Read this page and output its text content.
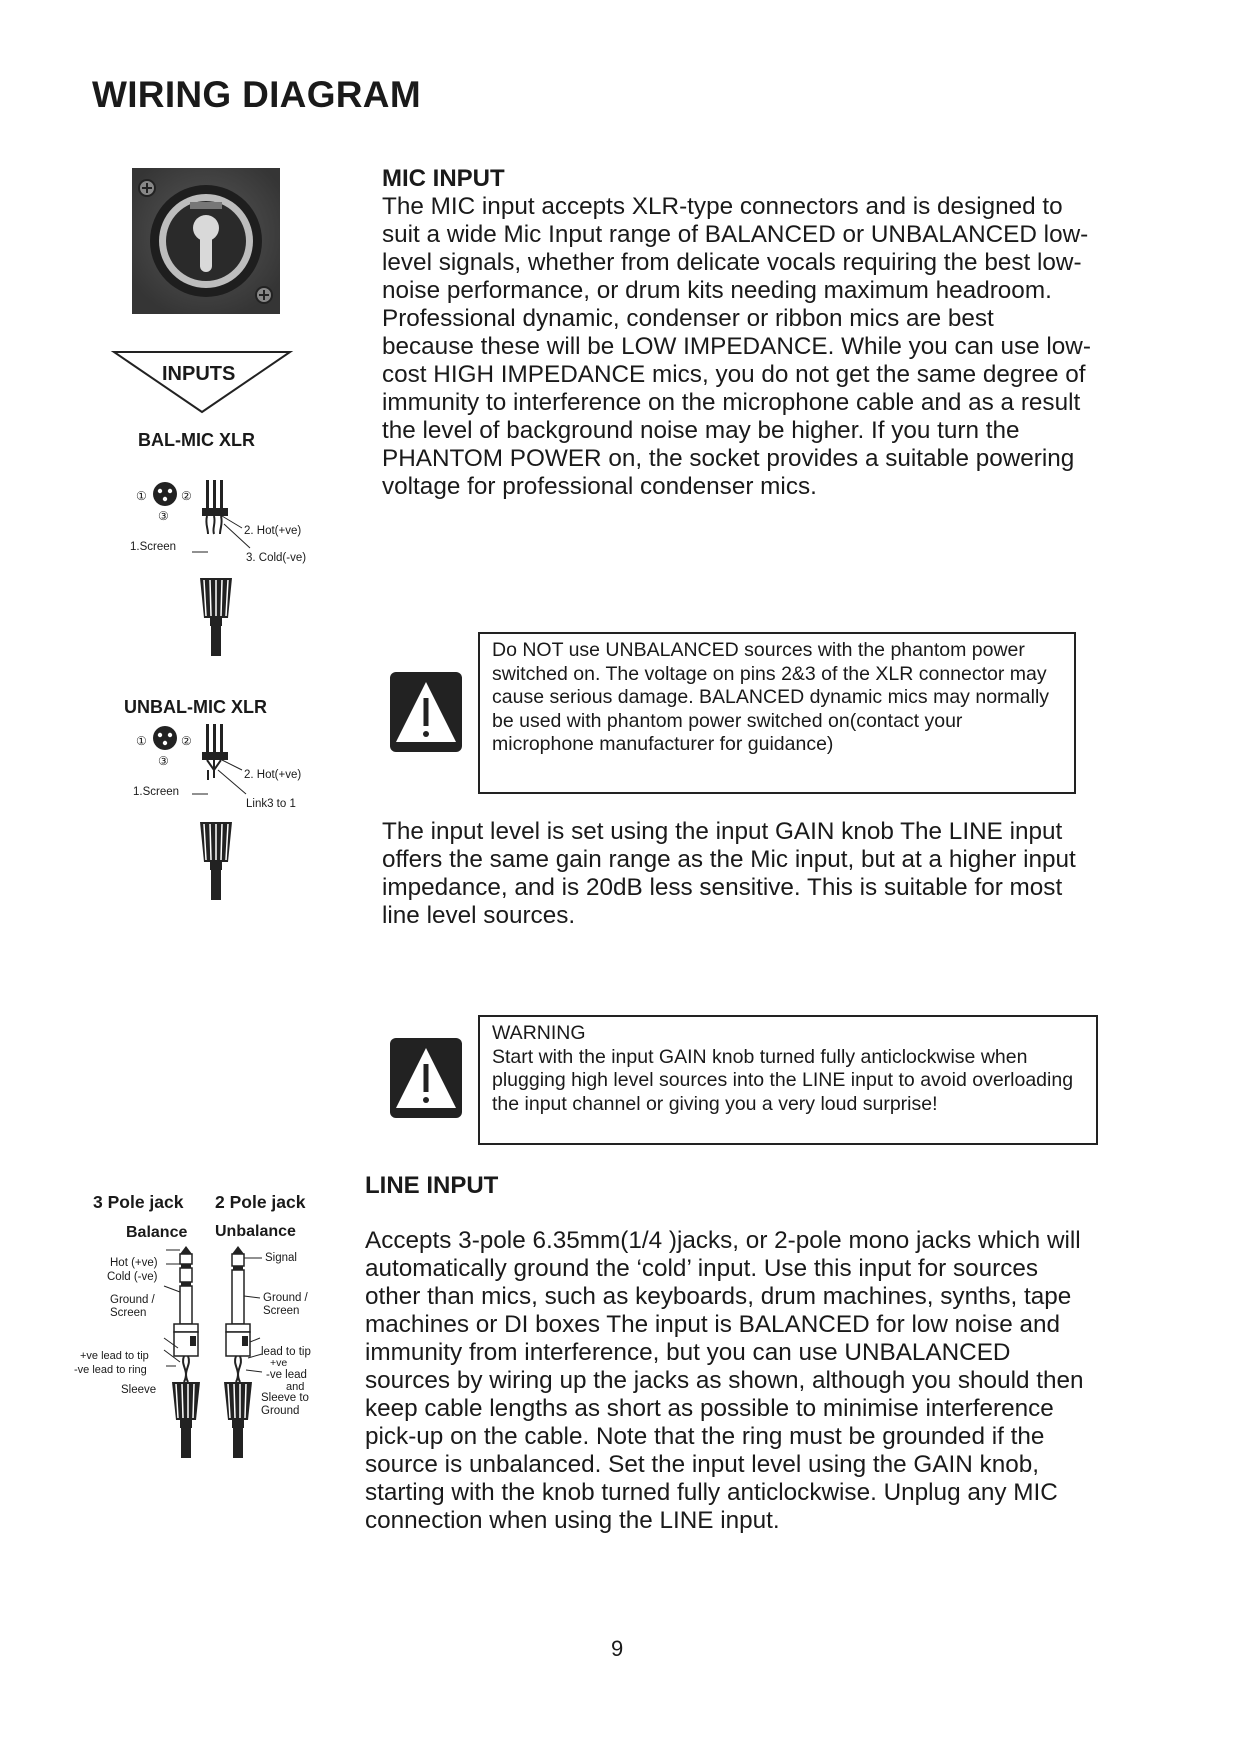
WIRING DIAGRAM
INPUTS
BAL-MIC XLR
①	②
③
2. Hot(+ve)
3. Cold(-ve)
1.Screen
UNBAL-MIC XLR
①	②
③
2. Hot(+ve)
Link3 to 1
1.Screen
MIC INPUT

The MIC input accepts XLR-type connectors and is designed to suit a wide Mic Input range of BALANCED or UNBALANCED low-level signals, whether from delicate vocals requiring the best low-noise performance, or drum kits needing maximum headroom. Professional dynamic, condenser or ribbon mics are best because these will be LOW IMPEDANCE. While you can use low-cost HIGH IMPEDANCE mics, you do not get the same degree of immunity to interference on the microphone cable and as a result the level of background noise may be higher. If you turn the PHANTOM POWER on, the socket provides a suitable powering voltage for professional condenser mics.

Do NOT use UNBALANCED sources with the phantom power switched on. The voltage on pins 2&3 of the XLR connector may cause serious damage. BALANCED dynamic mics may normally be used with phantom power switched on(contact your microphone manufacturer for guidance)

The input level is set using the input GAIN knob The LINE input offers the same gain range as the Mic input, but at a higher input impedance, and is 20dB less sensitive. This is suitable for most line level sources.

WARNING

Start with the input GAIN knob turned fully anticlockwise when plugging high level sources into the LINE input to avoid overloading the input channel or giving you a very loud surprise!

LINE INPUT

Accepts 3-pole 6.35mm(1/4 )jacks, or 2-pole mono jacks which will automatically ground the ‘cold’ input. Use this input for sources other than mics, such as keyboards, drum machines, synths, tape machines or DI boxes The input is BALANCED for low noise and immunity from interference, but you can use UNBALANCED sources by wiring up the jacks as shown, although you should then keep cable lengths as short as possible to minimise interference pick-up on the cable. Note that the ring must be grounded if the source is unbalanced. Set the input level using the GAIN knob, starting with the knob turned fully anticlockwise. Unplug any MIC connection when using the LINE input.

3 Pole jack 2 Pole jack
Balance Unbalance
Hot (+ve)
Cold (-ve)
Ground /
Screen
+ve lead to tip
-ve lead to ring
Sleeve
Signal
Ground /
Screen
lead to tip
+ve
-ve lead
and
Sleeve to
Ground
9
